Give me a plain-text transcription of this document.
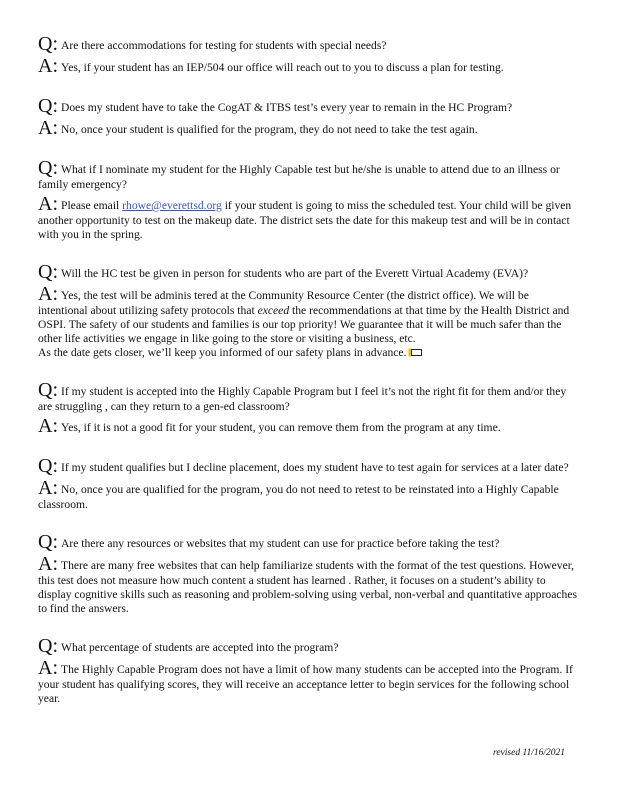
Q: Are there accommodations for testing for students with special needs?

A: Yes, if your student has an IEP/504 our office will reach out to you to discuss a plan for testing.

Q: Does my student have to take the CogAT & ITBS test’s every year to remain in the HC Program?

A: No, once your student is qualified for the program, they do not need to take the test again.

Q: What if I nominate my student for the Highly Capable test but he/she is unable to attend due to an illness or family emergency?

A: Please email rhowe@everettsd.org if your student is going to miss the scheduled test. Your child will be given another opportunity to test on the makeup date. The district sets the date for this makeup test and will be in contact with you in the spring.

Q: Will the HC test be given in person for students who are part of the Everett Virtual Academy (EVA)?

A: Yes, the test will be adminis tered at the Community Resource Center (the district office). We will be intentional about utilizing safety protocols that exceed the recommendations at that time by the Health District and OSPI. The safety of our students and families is our top priority! We guarantee that it will be much safer than the other life activities we engage in like going to the store or visiting a business, etc.

As the date gets closer, we’ll keep you informed of our safety plans in advance.

Q: If my student is accepted into the Highly Capable Program but I feel it’s not the right fit for them and/or they are struggling , can they return to a gen-ed classroom?

A: Yes, if it is not a good fit for your student, you can remove them from the program at any time.

Q: If my student qualifies but I decline placement, does my student have to test again for services at a later date?

A: No, once you are qualified for the program, you do not need to retest to be reinstated into a Highly Capable classroom.

Q: Are there any resources or websites that my student can use for practice before taking the test?

A: There are many free websites that can help familiarize students with the format of the test questions. However, this test does not measure how much content a student has learned . Rather, it focuses on a student’s ability to display cognitive skills such as reasoning and problem-solving using verbal, non-verbal and quantitative approaches to find the answers.

Q: What percentage of students are accepted into the program?

A: The Highly Capable Program does not have a limit of how many students can be accepted into the Program. If your student has qualifying scores, they will receive an acceptance letter to begin services for the following school year.

revised 11/16/2021
